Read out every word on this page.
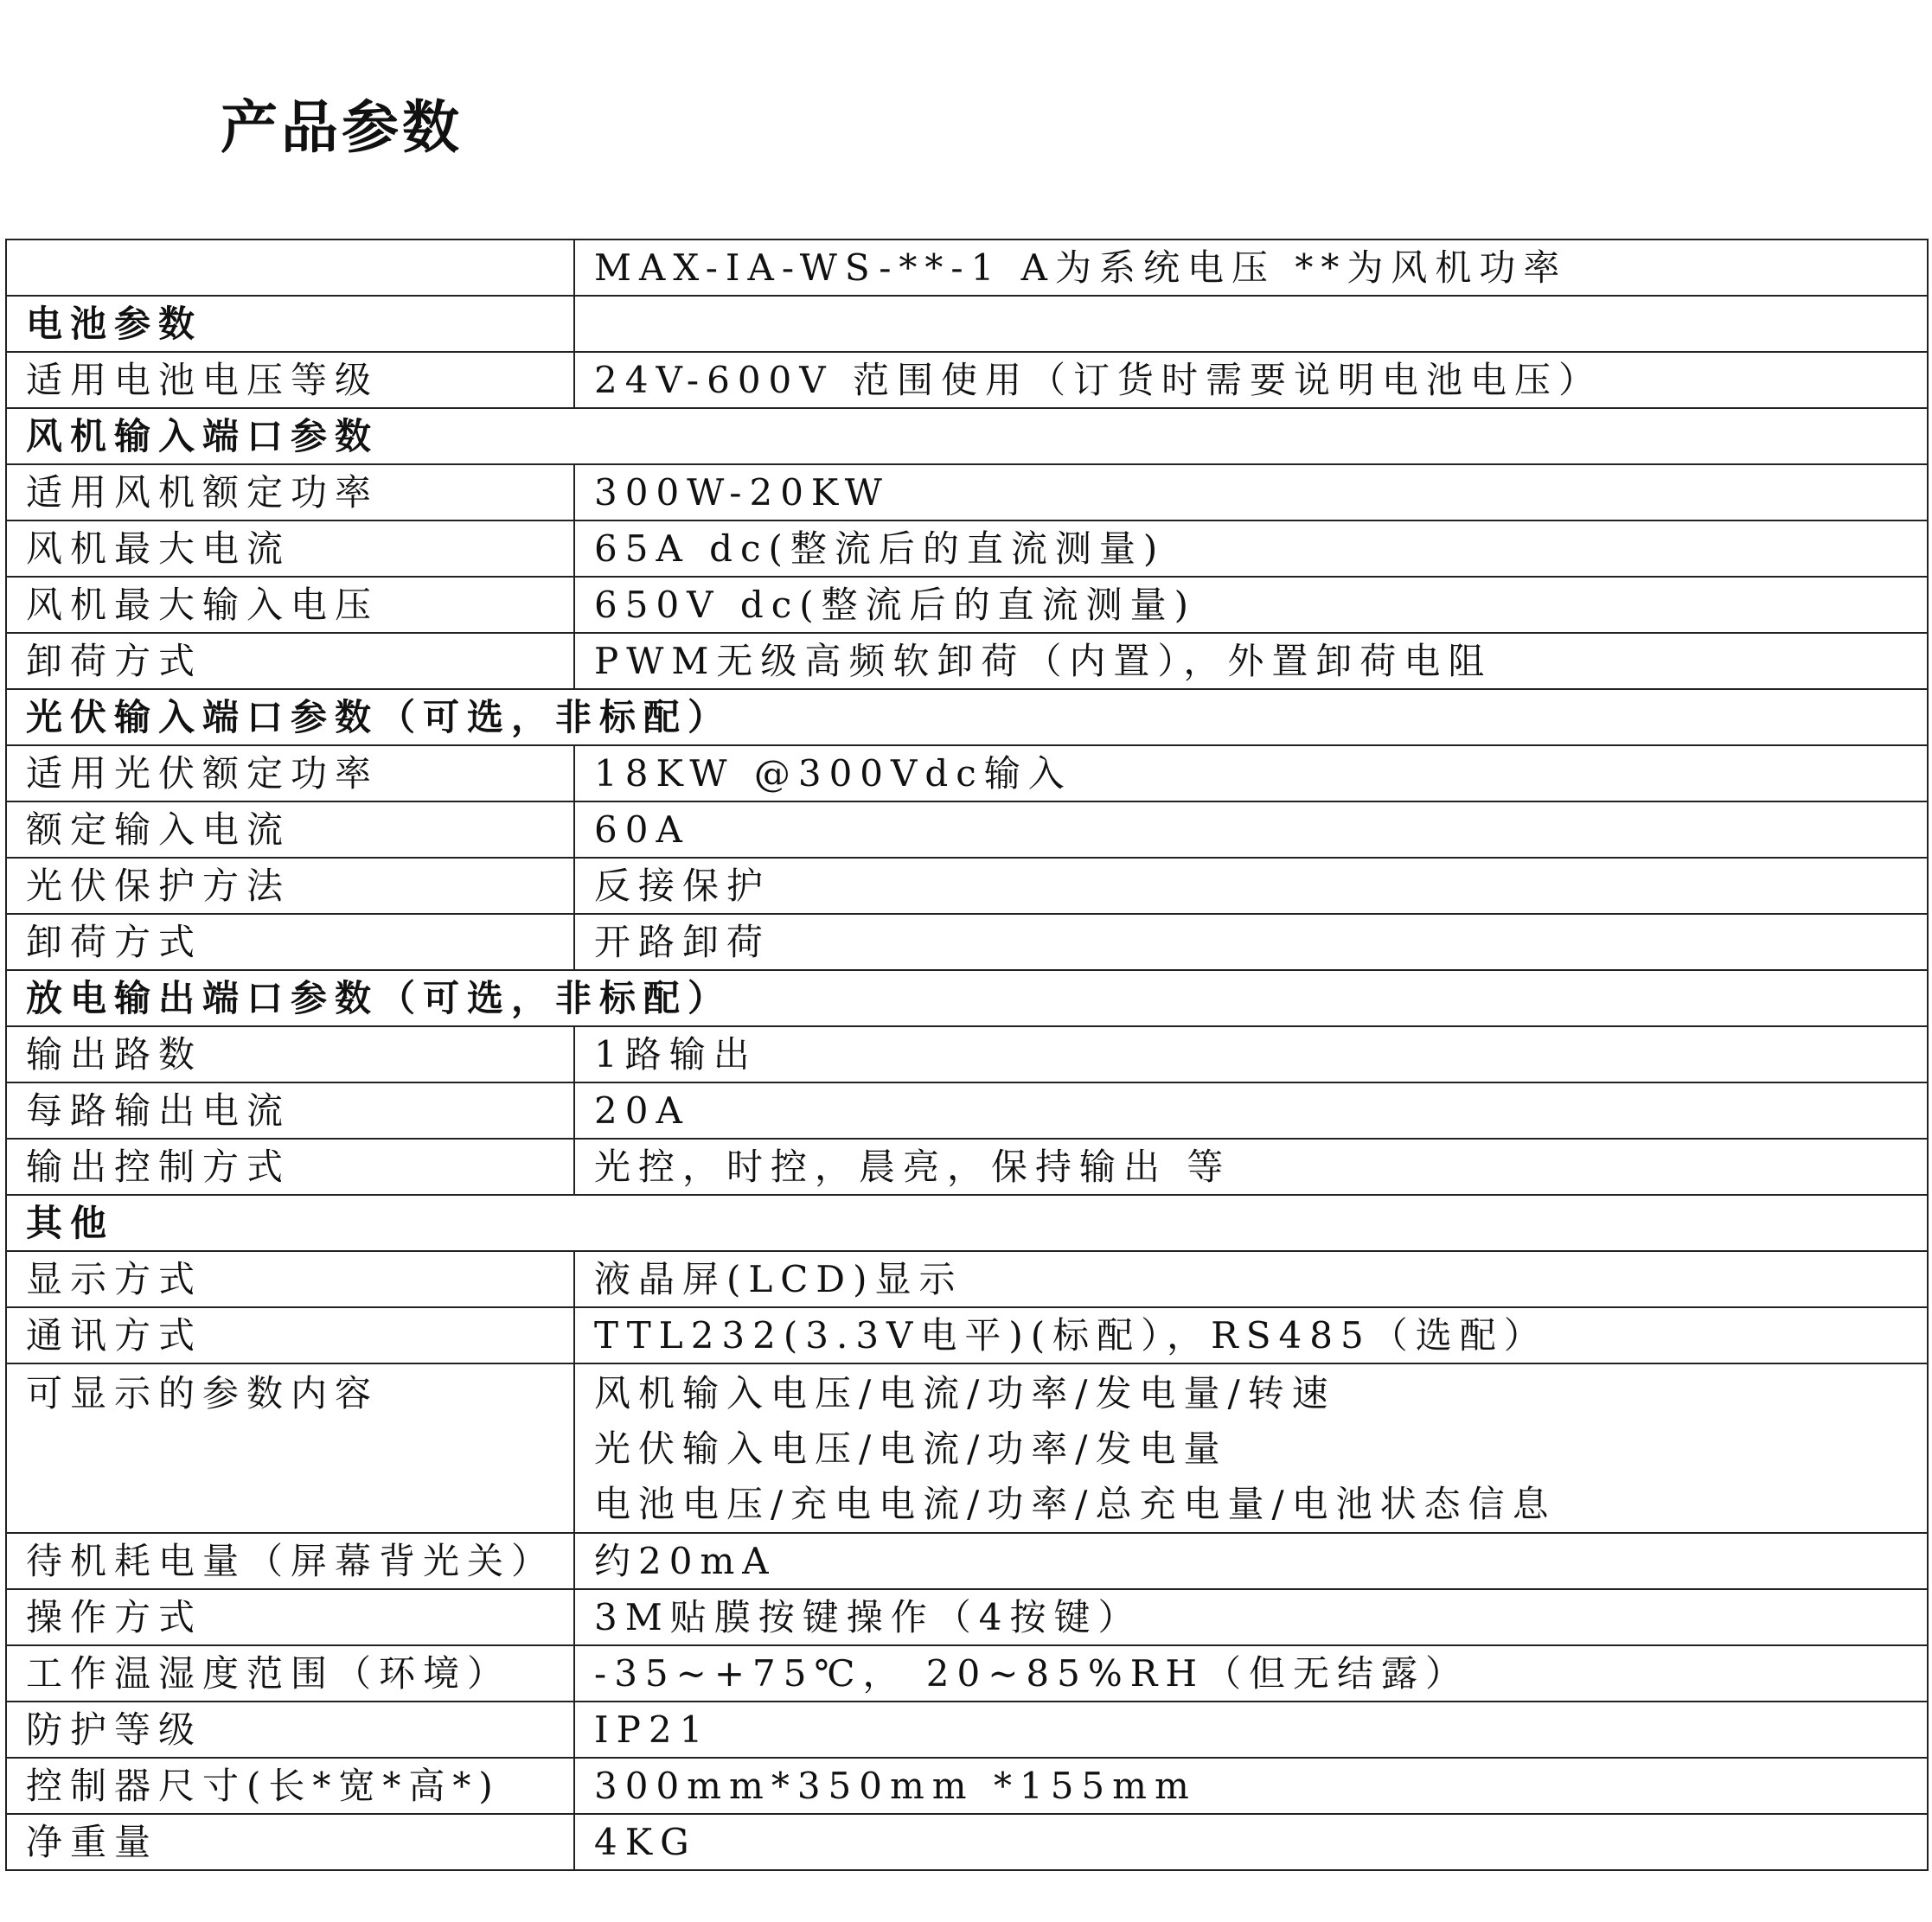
产品参数
	MAX-IA-WS-**-1 A为系统电压 **为风机功率
电池参数	
适用电池电压等级	24V-600V 范围使用（订货时需要说明电池电压）
风机输入端口参数	
适用风机额定功率	300W-20KW
风机最大电流	65A dc(整流后的直流测量)
风机最大输入电压	650V dc(整流后的直流测量)
卸荷方式	PWM无级高频软卸荷（内置），外置卸荷电阻
光伏输入端口参数（可选，非标配）	
适用光伏额定功率	18KW @300Vdc输入
额定输入电流	60A
光伏保护方法	反接保护
卸荷方式	开路卸荷
放电输出端口参数（可选，非标配）	
输出路数	1路输出
每路输出电流	20A
输出控制方式	光控，时控，晨亮，保持输出 等
其他	
显示方式	液晶屏(LCD)显示
通讯方式	TTL232(3.3V电平)(标配），RS485（选配）
可显示的参数内容	风机输入电压/电流/功率/发电量/转速
光伏输入电压/电流/功率/发电量
电池电压/充电电流/功率/总充电量/电池状态信息

待机耗电量（屏幕背光关）	约20mA
操作方式	3M贴膜按键操作（4按键）
工作温湿度范围（环境）	-35~+75℃， 20~85%RH（但无结露）
防护等级	IP21
控制器尺寸(长*宽*高*)	300mm*350mm *155mm
净重量	4KG
